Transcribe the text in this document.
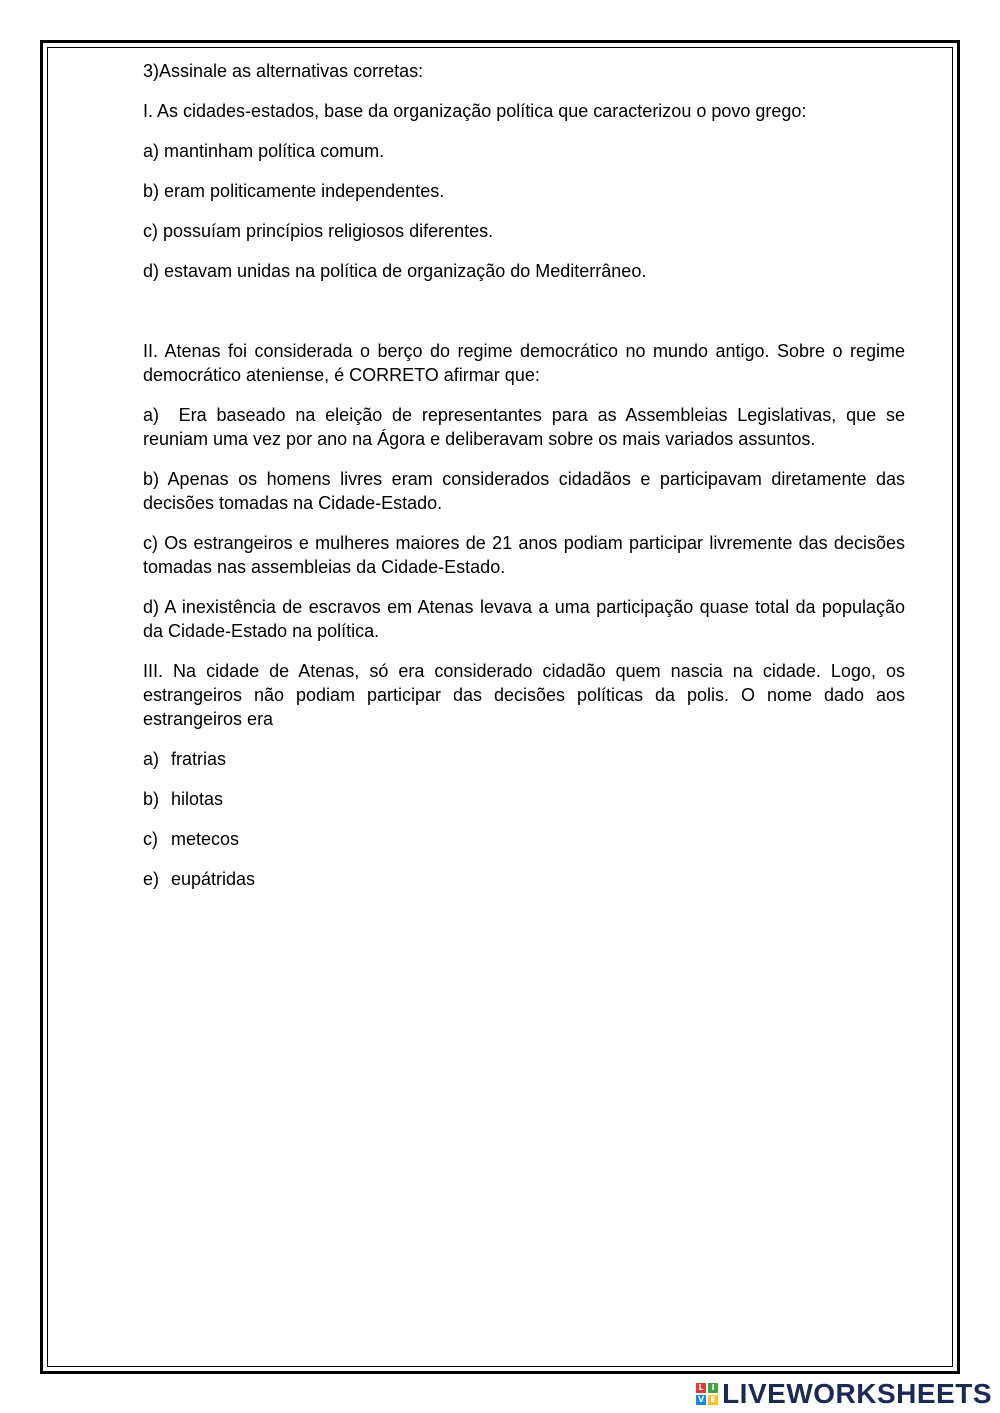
3)Assinale as alternativas corretas:

I. As cidades-estados, base da organização política que caracterizou o povo grego:

a) mantinham política comum.

b) eram politicamente independentes.

c) possuíam princípios religiosos diferentes.

d) estavam unidas na política de organização do Mediterrâneo.

II. Atenas foi considerada o berço do regime democrático no mundo antigo. Sobre o regime democrático ateniense, é CORRETO afirmar que:

a) Era baseado na eleição de representantes para as Assembleias Legislativas, que se reuniam uma vez por ano na Ágora e deliberavam sobre os mais variados assuntos.

b) Apenas os homens livres eram considerados cidadãos e participavam diretamente das decisões tomadas na Cidade-Estado.

c) Os estrangeiros e mulheres maiores de 21 anos podiam participar livremente das decisões tomadas nas assembleias da Cidade-Estado.

d) A inexistência de escravos em Atenas levava a uma participação quase total da população da Cidade-Estado na política.

III. Na cidade de Atenas, só era considerado cidadão quem nascia na cidade. Logo, os estrangeiros não podiam participar das decisões políticas da polis. O nome dado aos estrangeiros era

a) fratrias

b) hilotas

c) metecos

e) eupátridas

L I
V E LIVEWORKSHEETS
